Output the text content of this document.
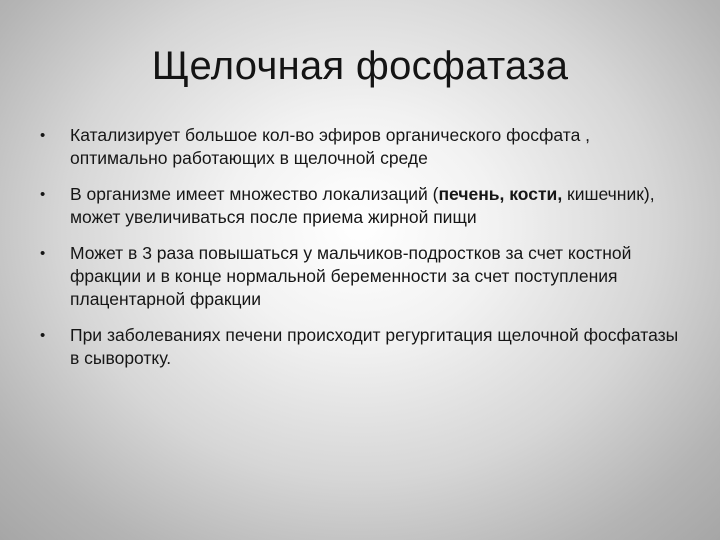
Щелочная фосфатаза
• Катализирует большое кол-во эфиров органического фосфата , оптимально работающих в щелочной среде
• В организме имеет множество локализаций (печень, кости, кишечник), может увеличиваться после приема жирной пищи
• Может в 3 раза повышаться у мальчиков-подростков за счет костной фракции и в конце нормальной беременности за счет поступления плацентарной фракции
• При заболеваниях печени происходит регургитация щелочной фосфатазы в сыворотку.
